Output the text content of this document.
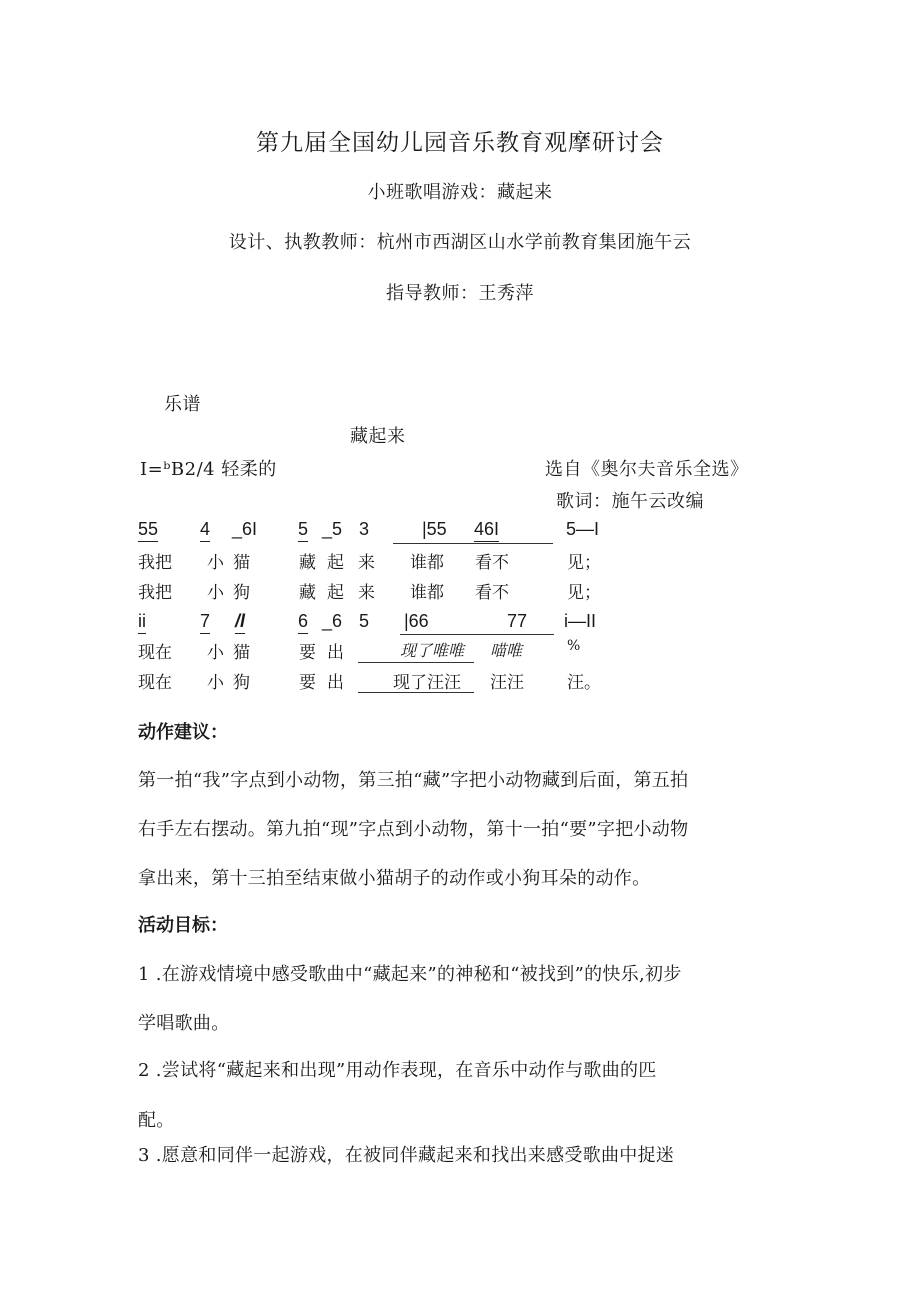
第九届全国幼儿园音乐教育观摩研讨会
小班歌唱游戏：藏起来
设计、执教教师：杭州市西湖区山水学前教育集团施午云
指导教师：王秀萍
乐谱
藏起来
I=ᵇB2/4 轻柔的	选自《奥尔夫音乐全选》
歌词：施午云改编
55 4 _6I 5 _5 3	|55 46I	5—I
我把 小 猫	藏 起 来 谁都 看不	见；
我把 小 狗	藏 起 来 谁都 看不	见；
ii	7 /l	6 _6 5 |66	77 i—II
现在 小 猫	要 出	现了唯唯 喵唯	%
现在 小 狗	要 出	现了汪汪 汪汪	汪。
动作建议：
第一拍“我”字点到小动物，第三拍“藏”字把小动物藏到后面，第五拍
右手左右摆动。第九拍“现”字点到小动物，第十一拍“要”字把小动物
拿出来，第十三拍至结束做小猫胡子的动作或小狗耳朵的动作。
活动目标：
1 .在游戏情境中感受歌曲中“藏起来”的神秘和“被找到”的快乐,初步
学唱歌曲。
2 .尝试将“藏起来和出现”用动作表现，在音乐中动作与歌曲的匹
配。
3 .愿意和同伴一起游戏，在被同伴藏起来和找出来感受歌曲中捉迷
